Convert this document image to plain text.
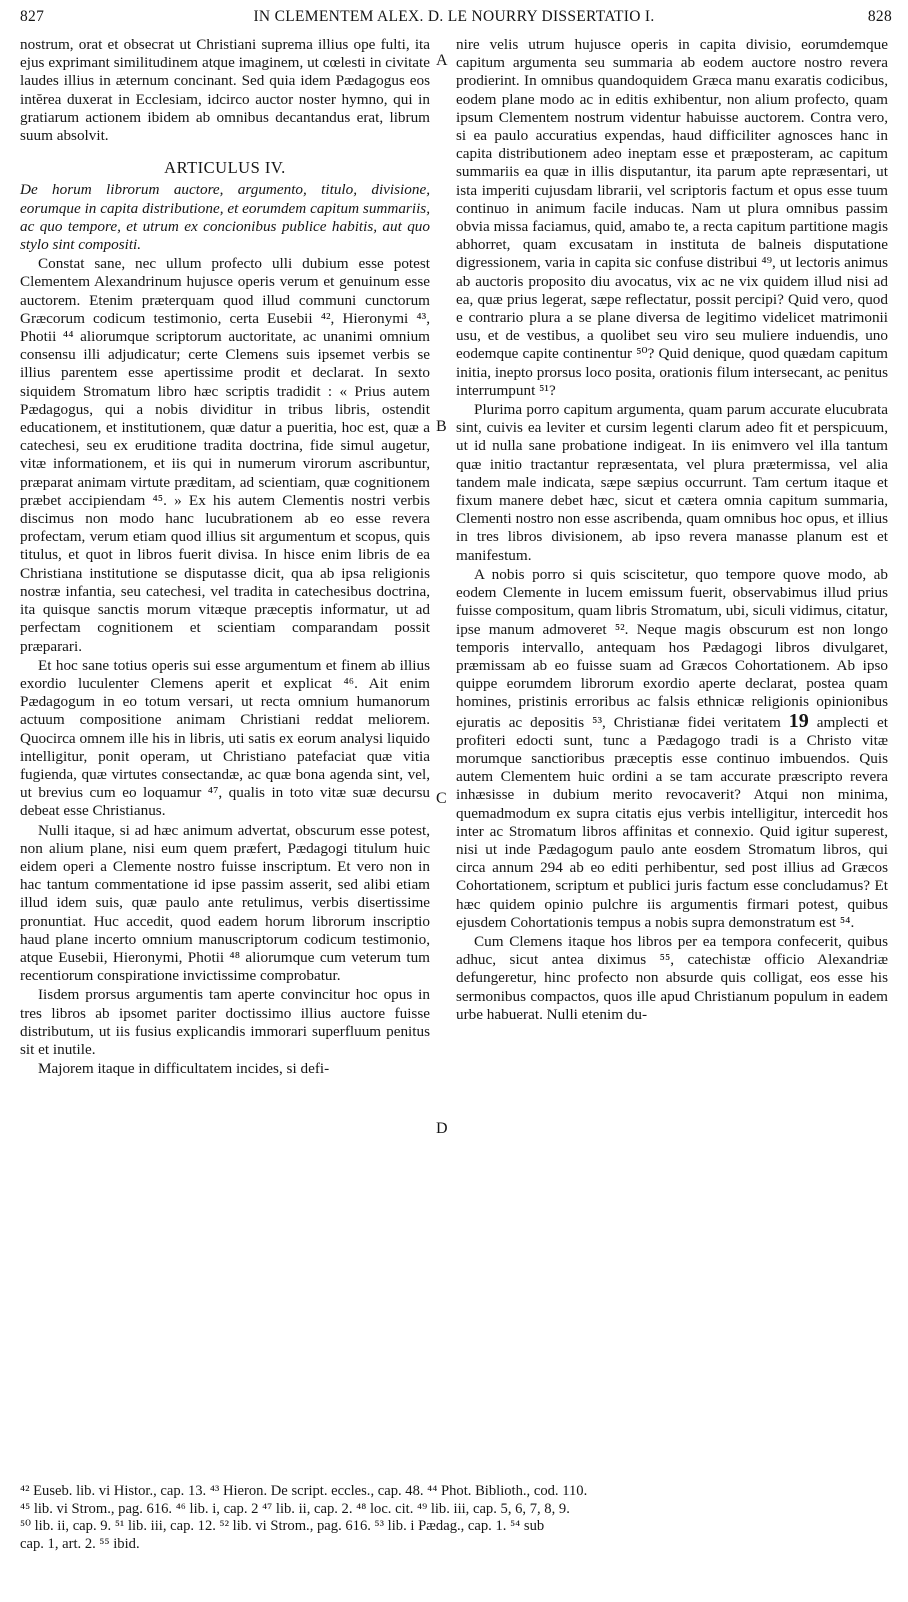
827	IN CLEMENTEM ALEX. D. LE NOURRY DISSERTATIO I.	828

nostrum, orat et obsecrat ut Christiani suprema illius ope fulti, ita ejus exprimant similitudinem atque imaginem, ut cœlesti in civitate laudes illius in æternum concinant. Sed quia idem Pædagogus eos intĕrea duxerat in Ecclesiam, idcirco auctor noster hymno, qui in gratiarum actionem ibidem ab omnibus decantandus erat, librum suum absolvit.

ARTICULUS IV.

De horum librorum auctore, argumento, titulo, divisione, eorumque in capita distributione, et eorumdem capitum summariis, ac quo tempore, et utrum ex concionibus publice habitis, aut quo stylo sint compositi.

Constat sane, nec ullum profecto ulli dubium esse potest Clementem Alexandrinum hujusce operis verum et genuinum esse auctorem. Etenim præterquam quod illud communi cunctorum Græcorum codicum testimonio, certa Eusebii ⁴², Hieronymi ⁴³, Photii ⁴⁴ aliorumque scriptorum auctoritate, ac unanimi omnium consensu illi adjudicatur; certe Clemens suis ipsemet verbis se illius parentem esse apertissime prodit et declarat. In sexto siquidem Stromatum libro hæc scriptis tradidit : « Prius autem Pædagogus, qui a nobis dividitur in tribus libris, ostendit educationem, et institutionem, quæ datur a pueritia, hoc est, quæ a catechesi, seu ex eruditione tradita doctrina, fide simul augetur, vitæ informationem, et iis qui in numerum virorum ascribuntur, præparat animam virtute præditam, ad scientiam, quæ cognitionem præbet accipiendam ⁴⁵. » Ex his autem Clementis nostri verbis discimus non modo hanc lucubrationem ab eo esse revera profectam, verum etiam quod illius sit argumentum et scopus, quis titulus, et quot in libros fuerit divisa. In hisce enim libris de ea Christiana institutione se disputasse dicit, qua ab ipsa religionis nostræ infantia, seu catechesi, vel tradita in catechesibus doctrina, ita quisque sanctis morum vitæque præceptis informatur, ut ad perfectam cognitionem et scientiam comparandam possit præparari.

Et hoc sane totius operis sui esse argumentum et finem ab illius exordio luculenter Clemens aperit et explicat ⁴⁶. Ait enim Pædagogum in eo totum versari, ut recta omnium humanorum actuum compositione animam Christiani reddat meliorem. Quocirca omnem ille his in libris, uti satis ex eorum analysi liquido intelligitur, ponit operam, ut Christiano patefaciat quæ vitia fugienda, quæ virtutes consectandæ, ac quæ bona agenda sint, vel, ut brevius cum eo loquamur ⁴⁷, qualis in toto vitæ suæ decursu debeat esse Christianus.

Nulli itaque, si ad hæc animum advertat, obscurum esse potest, non alium plane, nisi eum quem præfert, Pædagogi titulum huic eidem operi a Clemente nostro fuisse inscriptum. Et vero non in hac tantum commentatione id ipse passim asserit, sed alibi etiam illud idem suis, quæ paulo ante retulimus, verbis disertissime pronuntiat. Huc accedit, quod eadem horum librorum inscriptio haud plane incerto omnium manuscriptorum codicum testimonio, atque Eusebii, Hieronymi, Photii ⁴⁸ aliorumque cum veterum tum recentiorum conspiratione invictissime comprobatur.

Iisdem prorsus argumentis tam aperte convincitur hoc opus in tres libros ab ipsomet pariter doctissimo illius auctore fuisse distributum, ut iis fusius explicandis immorari superfluum penitus sit et inutile.

Majorem itaque in difficultatem incides, si defi-

A
B
C
D

nire velis utrum hujusce operis in capita divisio, eorumdemque capitum argumenta seu summaria ab eodem auctore nostro revera prodierint. In omnibus quandoquidem Græca manu exaratis codicibus, eodem plane modo ac in editis exhibentur, non alium profecto, quam ipsum Clementem nostrum videntur habuisse auctorem. Contra vero, si ea paulo accuratius expendas, haud difficiliter agnosces hanc in capita distributionem adeo ineptam esse et præposteram, ac capitum summariis ea quæ in illis disputantur, ita parum apte repræsentari, ut ista imperiti cujusdam librarii, vel scriptoris factum et opus esse tuum continuo in animum facile inducas. Nam ut plura omnibus passim obvia missa faciamus, quid, amabo te, a recta capitum partitione magis abhorret, quam excusatam in instituta de balneis disputatione digressionem, varia in capita sic confuse distribui ⁴⁹, ut lectoris animus ab auctoris proposito diu avocatus, vix ac ne vix quidem illud nisi ad ea, quæ prius legerat, sæpe reflectatur, possit percipi? Quid vero, quod e contrario plura a se plane diversa de legitimo videlicet matrimonii usu, et de vestibus, a quolibet seu viro seu muliere induendis, uno eodemque capite continentur ⁵⁰? Quid denique, quod quædam capitum initia, inepto prorsus loco posita, orationis filum intersecant, ac penitus interrumpunt ⁵¹?

Plurima porro capitum argumenta, quam parum accurate elucubrata sint, cuivis ea leviter et cursim legenti clarum adeo fit et perspicuum, ut id nulla sane probatione indigeat. In iis enimvero vel illa tantum quæ initio tractantur repræsentata, vel plura prætermissa, vel alia tandem male indicata, sæpe sæpius occurrunt. Tam certum itaque et fixum manere debet hæc, sicut et cætera omnia capitum summaria, Clementi nostro non esse ascribenda, quam omnibus hoc opus, et illius in tres libros divisionem, ab ipso revera manasse planum est et manifestum.

A nobis porro si quis sciscitetur, quo tempore quove modo, ab eodem Clemente in lucem emissum fuerit, observabimus illud prius fuisse compositum, quam libris Stromatum, ubi, siculi vidimus, citatur, ipse manum admoveret ⁵². Neque magis obscurum est non longo temporis intervallo, antequam hos Pædagogi libros divulgaret, præmissam ab eo fuisse suam ad Græcos Cohortationem. Ab ipso quippe eorumdem librorum exordio aperte declarat, postea quam homines, pristinis erroribus ac falsis ethnicæ religionis opinionibus ejuratis ac depositis ⁵³, Christianæ fidei veritatem 19 amplecti et profiteri edocti sunt, tunc a Pædagogo tradi is a Christo vitæ morumque sanctioribus præceptis esse continuo imbuendos. Quis autem Clementem huic ordini a se tam accurate præscripto revera inhæsisse in dubium merito revocaverit? Atqui non minima, quemadmodum ex supra citatis ejus verbis intelligitur, intercedit hos inter ac Stromatum libros affinitas et connexio. Quid igitur superest, nisi ut inde Pædagogum paulo ante eosdem Stromatum libros, qui circa annum 294 ab eo editi perhibentur, sed post illius ad Græcos Cohortationem, scriptum et publici juris factum esse concludamus? Et hæc quidem opinio pulchre iis argumentis firmari potest, quibus ejusdem Cohortationis tempus a nobis supra demonstratum est ⁵⁴.

Cum Clemens itaque hos libros per ea tempora confecerit, quibus adhuc, sicut antea diximus ⁵⁵, catechistæ officio Alexandriæ defungeretur, hinc profecto non absurde quis colligat, eos esse his sermonibus compactos, quos ille apud Christianum populum in eadem urbe habuerat. Nulli etenim du-

⁴² Euseb. lib. vi Histor., cap. 13. ⁴³ Hieron. De script. eccles., cap. 48. ⁴⁴ Phot. Biblioth., cod. 110.

⁴⁵ lib. vi Strom., pag. 616. ⁴⁶ lib. i, cap. 2 ⁴⁷ lib. ii, cap. 2. ⁴⁸ loc. cit. ⁴⁹ lib. iii, cap. 5, 6, 7, 8, 9.

⁵⁰ lib. ii, cap. 9. ⁵¹ lib. iii, cap. 12. ⁵² lib. vi Strom., pag. 616. ⁵³ lib. i Pædag., cap. 1. ⁵⁴ sub

cap. 1, art. 2. ⁵⁵ ibid.
